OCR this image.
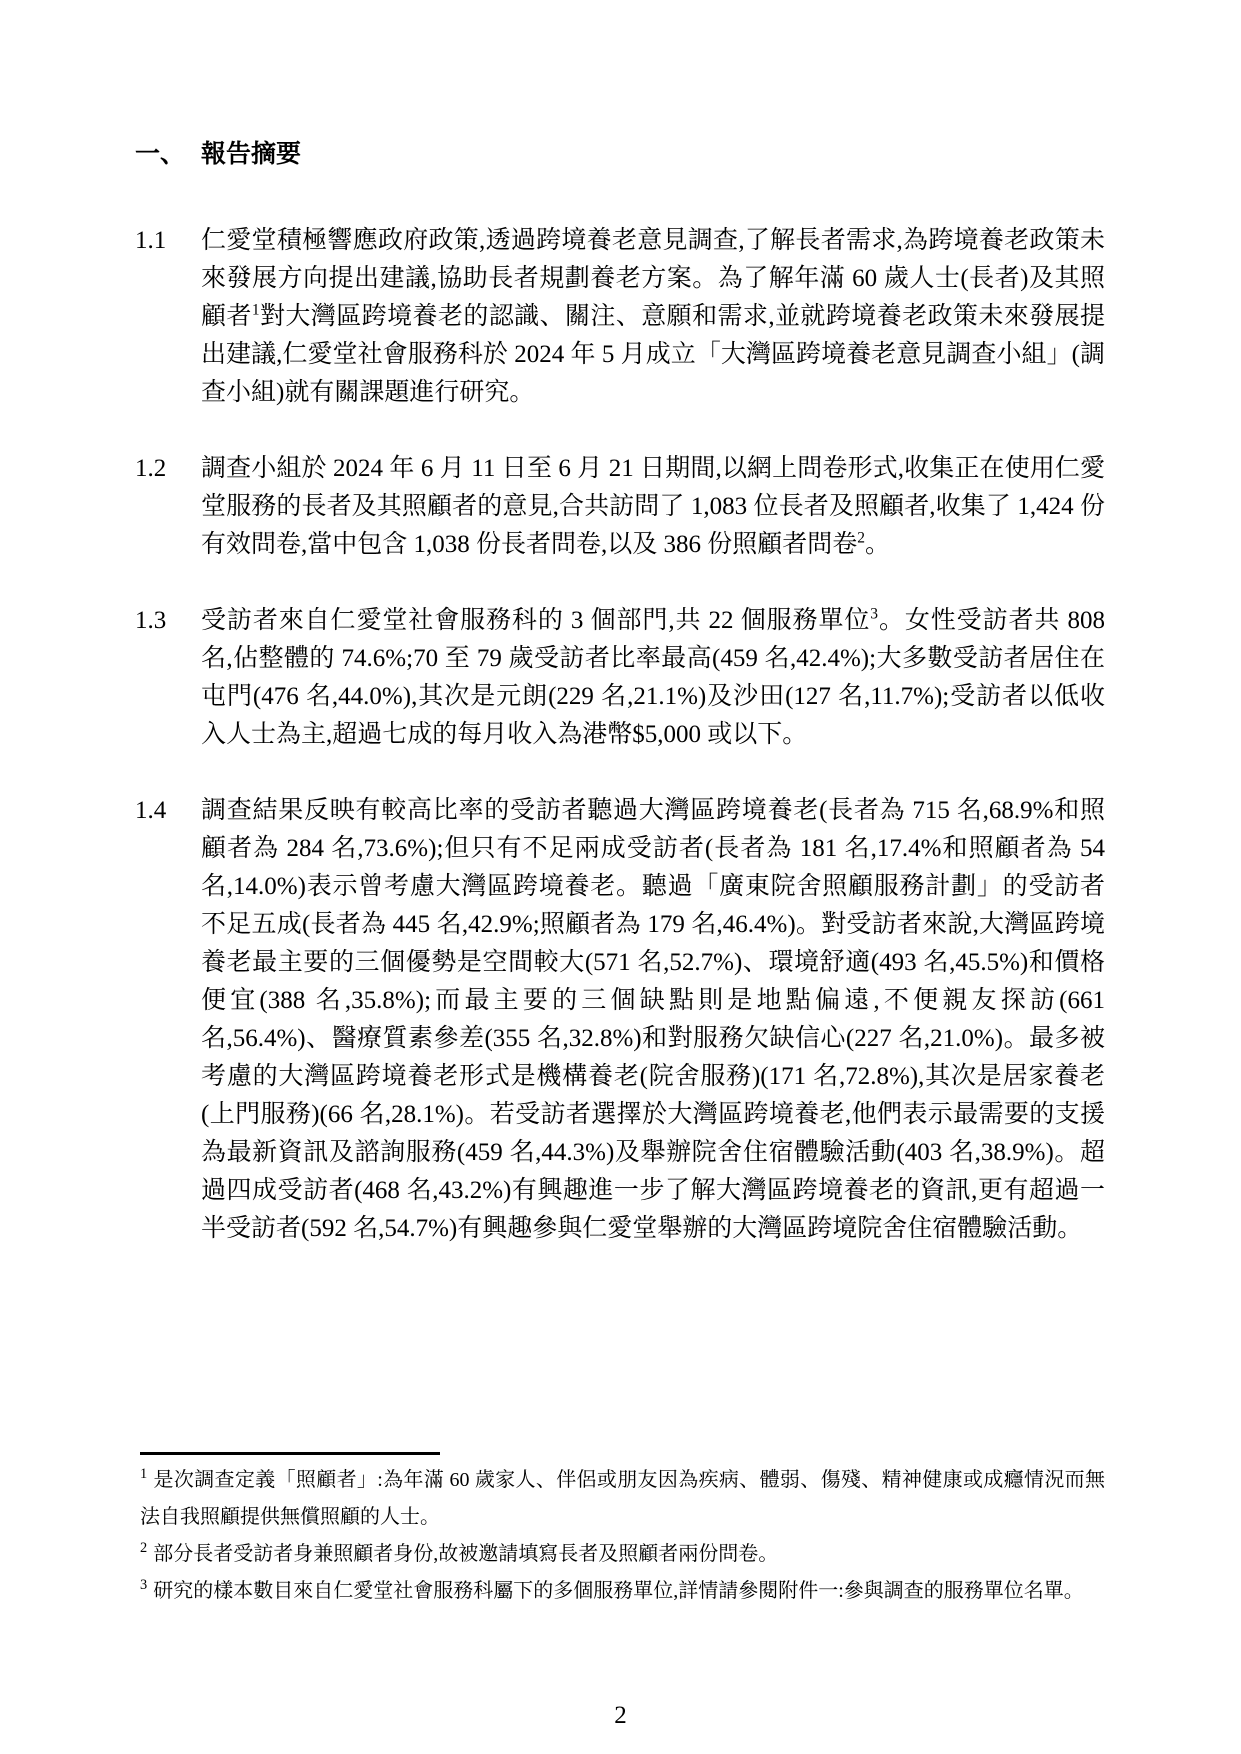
一、 報告摘要
1.1	仁愛堂積極響應政府政策,透過跨境養老意見調查,了解長者需求,為跨境養老政策未來發展方向提出建議,協助長者規劃養老方案。為了解年滿 60 歲人士(長者)及其照顧者$^1$對大灣區跨境養老的認識、關注、意願和需求,並就跨境養老政策未來發展提出建議,仁愛堂社會服務科於 2024 年 5 月成立「大灣區跨境養老意見調查小組」(調查小組)就有關課題進行研究。
1.2	調查小組於 2024 年 6 月 11 日至 6 月 21 日期間,以網上問卷形式,收集正在使用仁愛堂服務的長者及其照顧者的意見,合共訪問了 1,083 位長者及照顧者,收集了 1,424 份有效問卷,當中包含 1,038 份長者問卷,以及 386 份照顧者問卷$^2$。
1.3	受訪者來自仁愛堂社會服務科的 3 個部門,共 22 個服務單位$^3$。女性受訪者共 808 名,佔整體的 74.6%;70 至 79 歲受訪者比率最高(459 名,42.4%);大多數受訪者居住在屯門(476 名,44.0%),其次是元朗(229 名,21.1%)及沙田(127 名,11.7%);受訪者以低收入人士為主,超過七成的每月收入為港幣$5,000 或以下。
1.4	調查結果反映有較高比率的受訪者聽過大灣區跨境養老(長者為 715 名,68.9%和照顧者為 284 名,73.6%);但只有不足兩成受訪者(長者為 181 名,17.4%和照顧者為 54 名,14.0%)表示曾考慮大灣區跨境養老。聽過「廣東院舍照顧服務計劃」的受訪者不足五成(長者為 445 名,42.9%;照顧者為 179 名,46.4%)。對受訪者來說,大灣區跨境養老最主要的三個優勢是空間較大(571 名,52.7%)、環境舒適(493 名,45.5%)和價格便宜(388 名,35.8%);而最主要的三個缺點則是地點偏遠,不便親友探訪(661 名,56.4%)、醫療質素參差(355 名,32.8%)和對服務欠缺信心(227 名,21.0%)。最多被考慮的大灣區跨境養老形式是機構養老(院舍服務)(171 名,72.8%),其次是居家養老(上門服務)(66 名,28.1%)。若受訪者選擇於大灣區跨境養老,他們表示最需要的支援為最新資訊及諮詢服務(459 名,44.3%)及舉辦院舍住宿體驗活動(403 名,38.9%)。超過四成受訪者(468 名,43.2%)有興趣進一步了解大灣區跨境養老的資訊,更有超過一半受訪者(592 名,54.7%)有興趣參與仁愛堂舉辦的大灣區跨境院舍住宿體驗活動。
$^1$ 是次調查定義「照顧者」:為年滿 60 歲家人、伴侶或朋友因為疾病、體弱、傷殘、精神健康或成癮情況而無法自我照顧提供無償照顧的人士。
$^2$ 部分長者受訪者身兼照顧者身份,故被邀請填寫長者及照顧者兩份問卷。
$^3$ 研究的樣本數目來自仁愛堂社會服務科屬下的多個服務單位,詳情請參閱附件一:參與調查的服務單位名單。
2
